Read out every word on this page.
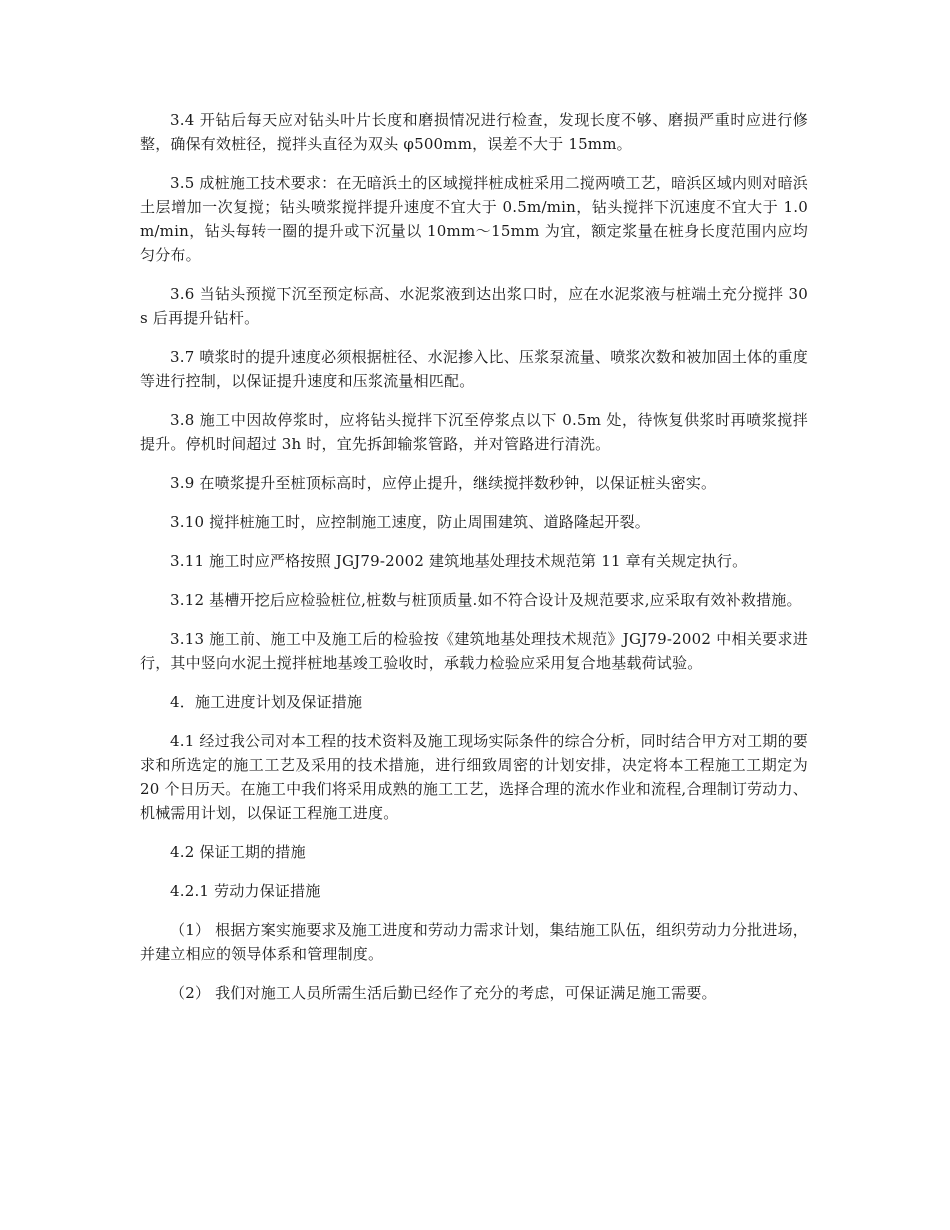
3.4 开钻后每天应对钻头叶片长度和磨损情况进行检查，发现长度不够、磨损严重时应进行修整，确保有效桩径，搅拌头直径为双头 φ500mm，误差不大于 15mm。

3.5 成桩施工技术要求：在无暗浜土的区域搅拌桩成桩采用二搅两喷工艺，暗浜区域内则对暗浜土层增加一次复搅；钻头喷浆搅拌提升速度不宜大于 0.5m/min，钻头搅拌下沉速度不宜大于 1.0m/min，钻头每转一圈的提升或下沉量以 10mm～15mm 为宜，额定浆量在桩身长度范围内应均匀分布。

3.6 当钻头预搅下沉至预定标高、水泥浆液到达出浆口时，应在水泥浆液与桩端土充分搅拌 30s 后再提升钻杆。

3.7 喷浆时的提升速度必须根据桩径、水泥掺入比、压浆泵流量、喷浆次数和被加固土体的重度等进行控制，以保证提升速度和压浆流量相匹配。

3.8 施工中因故停浆时，应将钻头搅拌下沉至停浆点以下 0.5m 处，待恢复供浆时再喷浆搅拌提升。停机时间超过 3h 时，宜先拆卸输浆管路，并对管路进行清洗。

3.9 在喷浆提升至桩顶标高时，应停止提升，继续搅拌数秒钟，以保证桩头密实。

3.10 搅拌桩施工时，应控制施工速度，防止周围建筑、道路隆起开裂。

3.11 施工时应严格按照 JGJ79-2002 建筑地基处理技术规范第 11 章有关规定执行。

3.12 基槽开挖后应检验桩位,桩数与桩顶质量.如不符合设计及规范要求,应采取有效补救措施。

3.13 施工前、施工中及施工后的检验按《建筑地基处理技术规范》JGJ79-2002 中相关要求进行，其中竖向水泥土搅拌桩地基竣工验收时，承载力检验应采用复合地基载荷试验。

4．施工进度计划及保证措施

4.1 经过我公司对本工程的技术资料及施工现场实际条件的综合分析，同时结合甲方对工期的要求和所选定的施工工艺及采用的技术措施，进行细致周密的计划安排，决定将本工程施工工期定为 20 个日历天。在施工中我们将采用成熟的施工工艺，选择合理的流水作业和流程,合理制订劳动力、机械需用计划，以保证工程施工进度。

4.2 保证工期的措施

4.2.1 劳动力保证措施

（1） 根据方案实施要求及施工进度和劳动力需求计划，集结施工队伍，组织劳动力分批进场，并建立相应的领导体系和管理制度。

（2） 我们对施工人员所需生活后勤已经作了充分的考虑，可保证满足施工需要。
